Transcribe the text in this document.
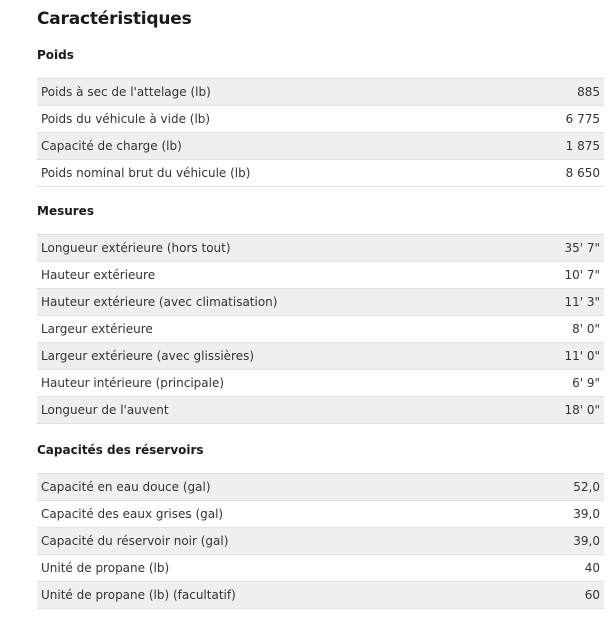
Caractéristiques
Poids
Poids à sec de l'attelage (lb)	885
Poids du véhicule à vide (lb)	6 775
Capacité de charge (lb)	1 875
Poids nominal brut du véhicule (lb)	8 650
Mesures
Longueur extérieure (hors tout)	35' 7"
Hauteur extérieure	10' 7"
Hauteur extérieure (avec climatisation)	11' 3"
Largeur extérieure	8' 0"
Largeur extérieure (avec glissières)	11' 0"
Hauteur intérieure (principale)	6' 9"
Longueur de l'auvent	18' 0"
Capacités des réservoirs
Capacité en eau douce (gal)	52,0
Capacité des eaux grises (gal)	39,0
Capacité du réservoir noir (gal)	39,0
Unité de propane (lb)	40
Unité de propane (lb) (facultatif)	60
